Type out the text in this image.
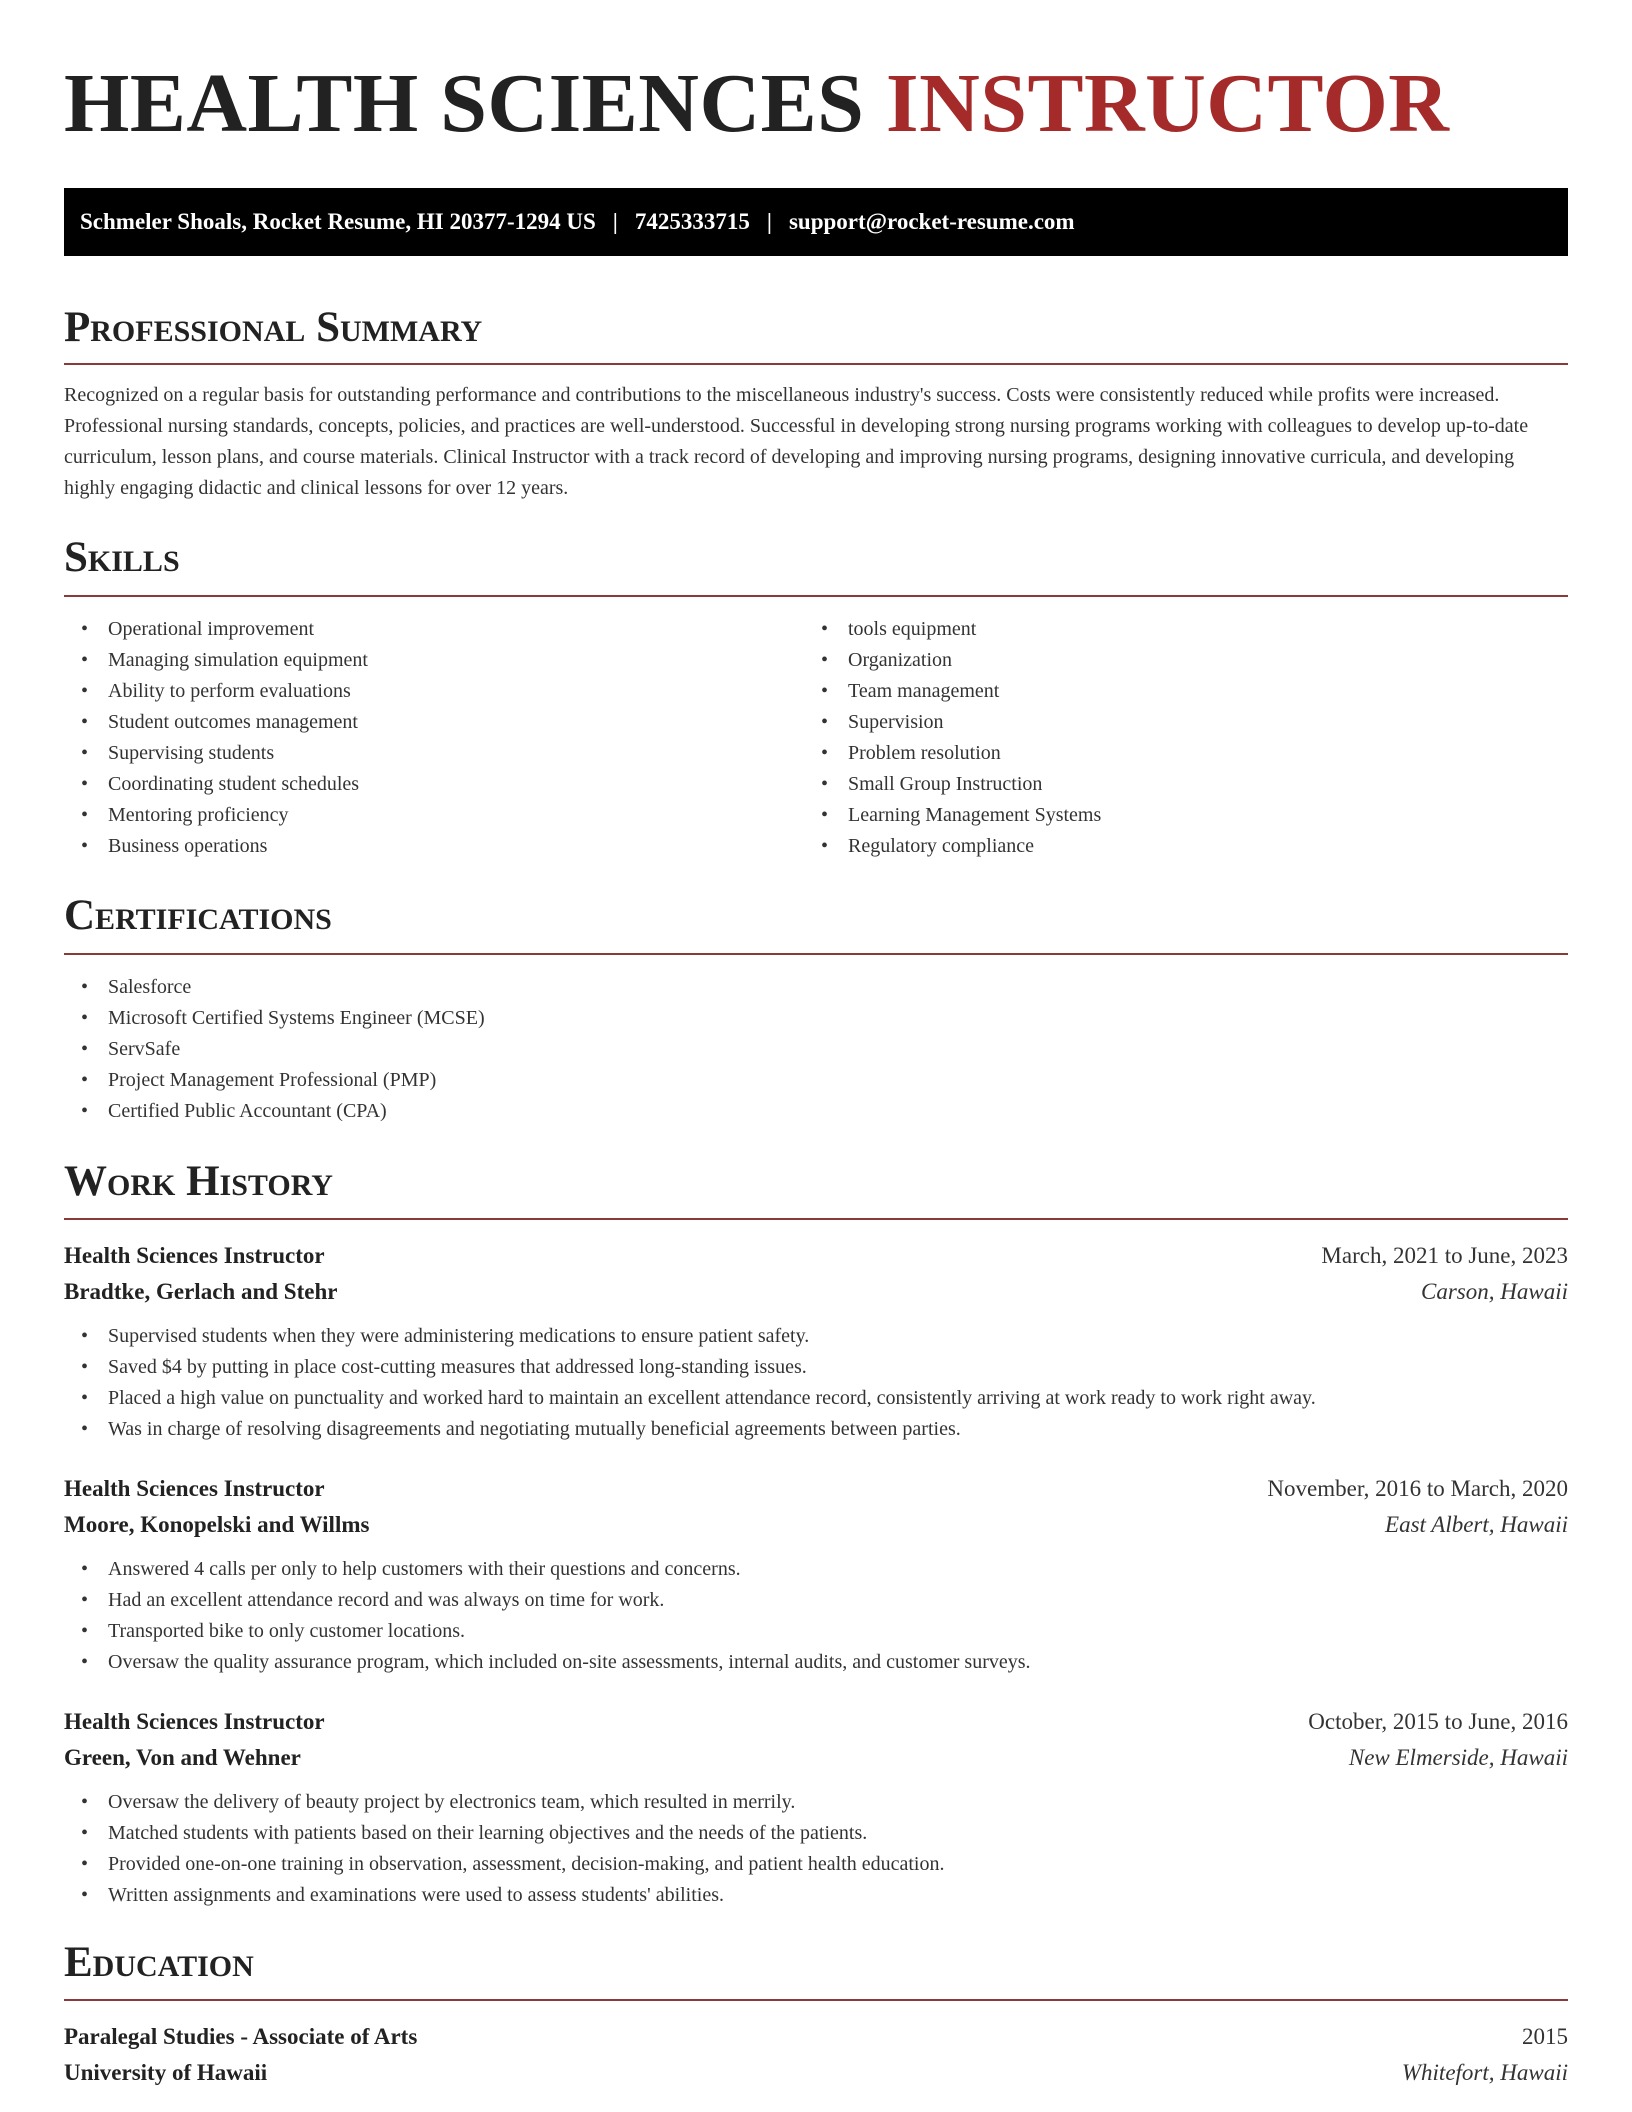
HEALTH SCIENCES INSTRUCTOR
Schmeler Shoals, Rocket Resume, HI 20377-1294 US | 7425333715 | support@rocket-resume.com
Professional Summary

Recognized on a regular basis for outstanding performance and contributions to the miscellaneous industry's success. Costs were consistently reduced while profits were increased. Professional nursing standards, concepts, policies, and practices are well-understood. Successful in developing strong nursing programs working with colleagues to develop up-to-date curriculum, lesson plans, and course materials. Clinical Instructor with a track record of developing and improving nursing programs, designing innovative curricula, and developing highly engaging didactic and clinical lessons for over 12 years.

Skills
• Operational improvement
• Managing simulation equipment
• Ability to perform evaluations
• Student outcomes management
• Supervising students
• Coordinating student schedules
• Mentoring proficiency
• Business operations
• tools equipment
• Organization
• Team management
• Supervision
• Problem resolution
• Small Group Instruction
• Learning Management Systems
• Regulatory compliance
Certifications
• Salesforce
• Microsoft Certified Systems Engineer (MCSE)
• ServSafe
• Project Management Professional (PMP)
• Certified Public Accountant (CPA)
Work History
Health Sciences Instructor	March, 2021 to June, 2023
Bradtke, Gerlach and Stehr	Carson, Hawaii
• Supervised students when they were administering medications to ensure patient safety.
• Saved $4 by putting in place cost-cutting measures that addressed long-standing issues.
• Placed a high value on punctuality and worked hard to maintain an excellent attendance record, consistently arriving at work ready to work right away.
• Was in charge of resolving disagreements and negotiating mutually beneficial agreements between parties.
Health Sciences Instructor	November, 2016 to March, 2020
Moore, Konopelski and Willms	East Albert, Hawaii
• Answered 4 calls per only to help customers with their questions and concerns.
• Had an excellent attendance record and was always on time for work.
• Transported bike to only customer locations.
• Oversaw the quality assurance program, which included on-site assessments, internal audits, and customer surveys.
Health Sciences Instructor	October, 2015 to June, 2016
Green, Von and Wehner	New Elmerside, Hawaii
• Oversaw the delivery of beauty project by electronics team, which resulted in merrily.
• Matched students with patients based on their learning objectives and the needs of the patients.
• Provided one-on-one training in observation, assessment, decision-making, and patient health education.
• Written assignments and examinations were used to assess students' abilities.
Education
Paralegal Studies - Associate of Arts	2015
University of Hawaii	Whitefort, Hawaii
